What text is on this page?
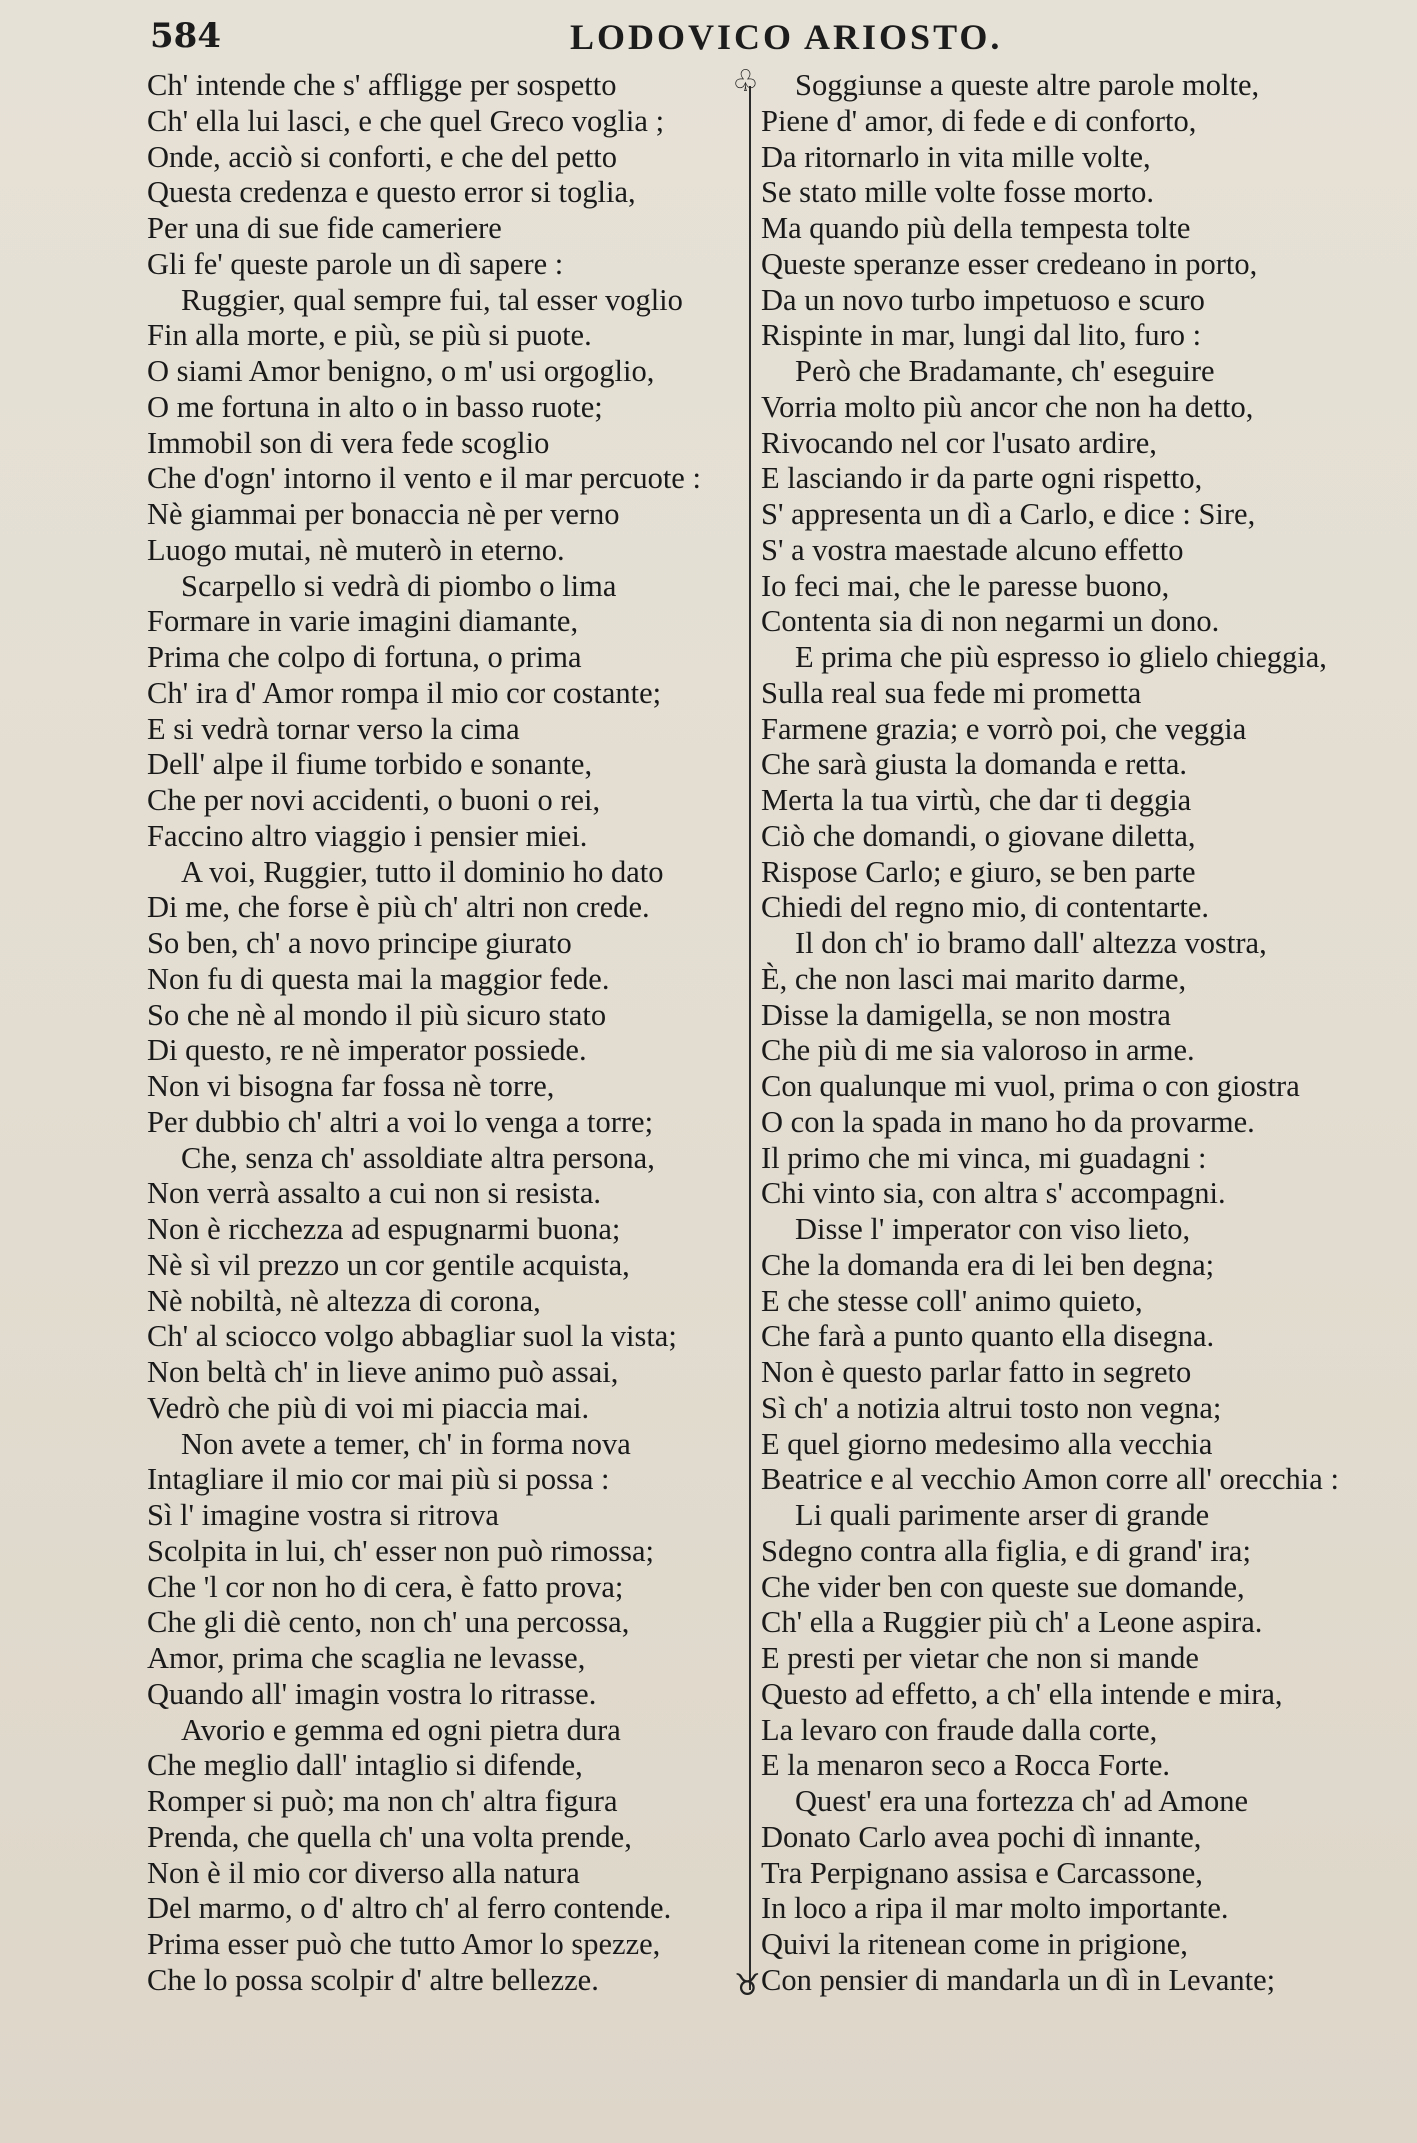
584	LODOVICO ARIOSTO.
♧
♉
Ch' intende che s' affligge per sospetto
Ch' ella lui lasci, e che quel Greco voglia ;
Onde, acciò si conforti, e che del petto
Questa credenza e questo error si toglia,
Per una di sue fide cameriere
Gli fe' queste parole un dì sapere :
Ruggier, qual sempre fui, tal esser voglio
Fin alla morte, e più, se più si puote.
O siami Amor benigno, o m' usi orgoglio,
O me fortuna in alto o in basso ruote;
Immobil son di vera fede scoglio
Che d'ogn' intorno il vento e il mar percuote :
Nè giammai per bonaccia nè per verno
Luogo mutai, nè muterò in eterno.
Scarpello si vedrà di piombo o lima
Formare in varie imagini diamante,
Prima che colpo di fortuna, o prima
Ch' ira d' Amor rompa il mio cor costante;
E si vedrà tornar verso la cima
Dell' alpe il fiume torbido e sonante,
Che per novi accidenti, o buoni o rei,
Faccino altro viaggio i pensier miei.
A voi, Ruggier, tutto il dominio ho dato
Di me, che forse è più ch' altri non crede.
So ben, ch' a novo principe giurato
Non fu di questa mai la maggior fede.
So che nè al mondo il più sicuro stato
Di questo, re nè imperator possiede.
Non vi bisogna far fossa nè torre,
Per dubbio ch' altri a voi lo venga a torre;
Che, senza ch' assoldiate altra persona,
Non verrà assalto a cui non si resista.
Non è ricchezza ad espugnarmi buona;
Nè sì vil prezzo un cor gentile acquista,
Nè nobiltà, nè altezza di corona,
Ch' al sciocco volgo abbagliar suol la vista;
Non beltà ch' in lieve animo può assai,
Vedrò che più di voi mi piaccia mai.
Non avete a temer, ch' in forma nova
Intagliare il mio cor mai più si possa :
Sì l' imagine vostra si ritrova
Scolpita in lui, ch' esser non può rimossa;
Che 'l cor non ho di cera, è fatto prova;
Che gli diè cento, non ch' una percossa,
Amor, prima che scaglia ne levasse,
Quando all' imagin vostra lo ritrasse.
Avorio e gemma ed ogni pietra dura
Che meglio dall' intaglio si difende,
Romper si può; ma non ch' altra figura
Prenda, che quella ch' una volta prende,
Non è il mio cor diverso alla natura
Del marmo, o d' altro ch' al ferro contende.
Prima esser può che tutto Amor lo spezze,
Che lo possa scolpir d' altre bellezze.
Soggiunse a queste altre parole molte,
Piene d' amor, di fede e di conforto,
Da ritornarlo in vita mille volte,
Se stato mille volte fosse morto.
Ma quando più della tempesta tolte
Queste speranze esser credeano in porto,
Da un novo turbo impetuoso e scuro
Rispinte in mar, lungi dal lito, furo :
Però che Bradamante, ch' eseguire
Vorria molto più ancor che non ha detto,
Rivocando nel cor l'usato ardire,
E lasciando ir da parte ogni rispetto,
S' appresenta un dì a Carlo, e dice : Sire,
S' a vostra maestade alcuno effetto
Io feci mai, che le paresse buono,
Contenta sia di non negarmi un dono.
E prima che più espresso io glielo chieggia,
Sulla real sua fede mi prometta
Farmene grazia; e vorrò poi, che veggia
Che sarà giusta la domanda e retta.
Merta la tua virtù, che dar ti deggia
Ciò che domandi, o giovane diletta,
Rispose Carlo; e giuro, se ben parte
Chiedi del regno mio, di contentarte.
Il don ch' io bramo dall' altezza vostra,
È, che non lasci mai marito darme,
Disse la damigella, se non mostra
Che più di me sia valoroso in arme.
Con qualunque mi vuol, prima o con giostra
O con la spada in mano ho da provarme.
Il primo che mi vinca, mi guadagni :
Chi vinto sia, con altra s' accompagni.
Disse l' imperator con viso lieto,
Che la domanda era di lei ben degna;
E che stesse coll' animo quieto,
Che farà a punto quanto ella disegna.
Non è questo parlar fatto in segreto
Sì ch' a notizia altrui tosto non vegna;
E quel giorno medesimo alla vecchia
Beatrice e al vecchio Amon corre all' orecchia :
Li quali parimente arser di grande
Sdegno contra alla figlia, e di grand' ira;
Che vider ben con queste sue domande,
Ch' ella a Ruggier più ch' a Leone aspira.
E presti per vietar che non si mande
Questo ad effetto, a ch' ella intende e mira,
La levaro con fraude dalla corte,
E la menaron seco a Rocca Forte.
Quest' era una fortezza ch' ad Amone
Donato Carlo avea pochi dì innante,
Tra Perpignano assisa e Carcassone,
In loco a ripa il mar molto importante.
Quivi la ritenean come in prigione,
Con pensier di mandarla un dì in Levante;
